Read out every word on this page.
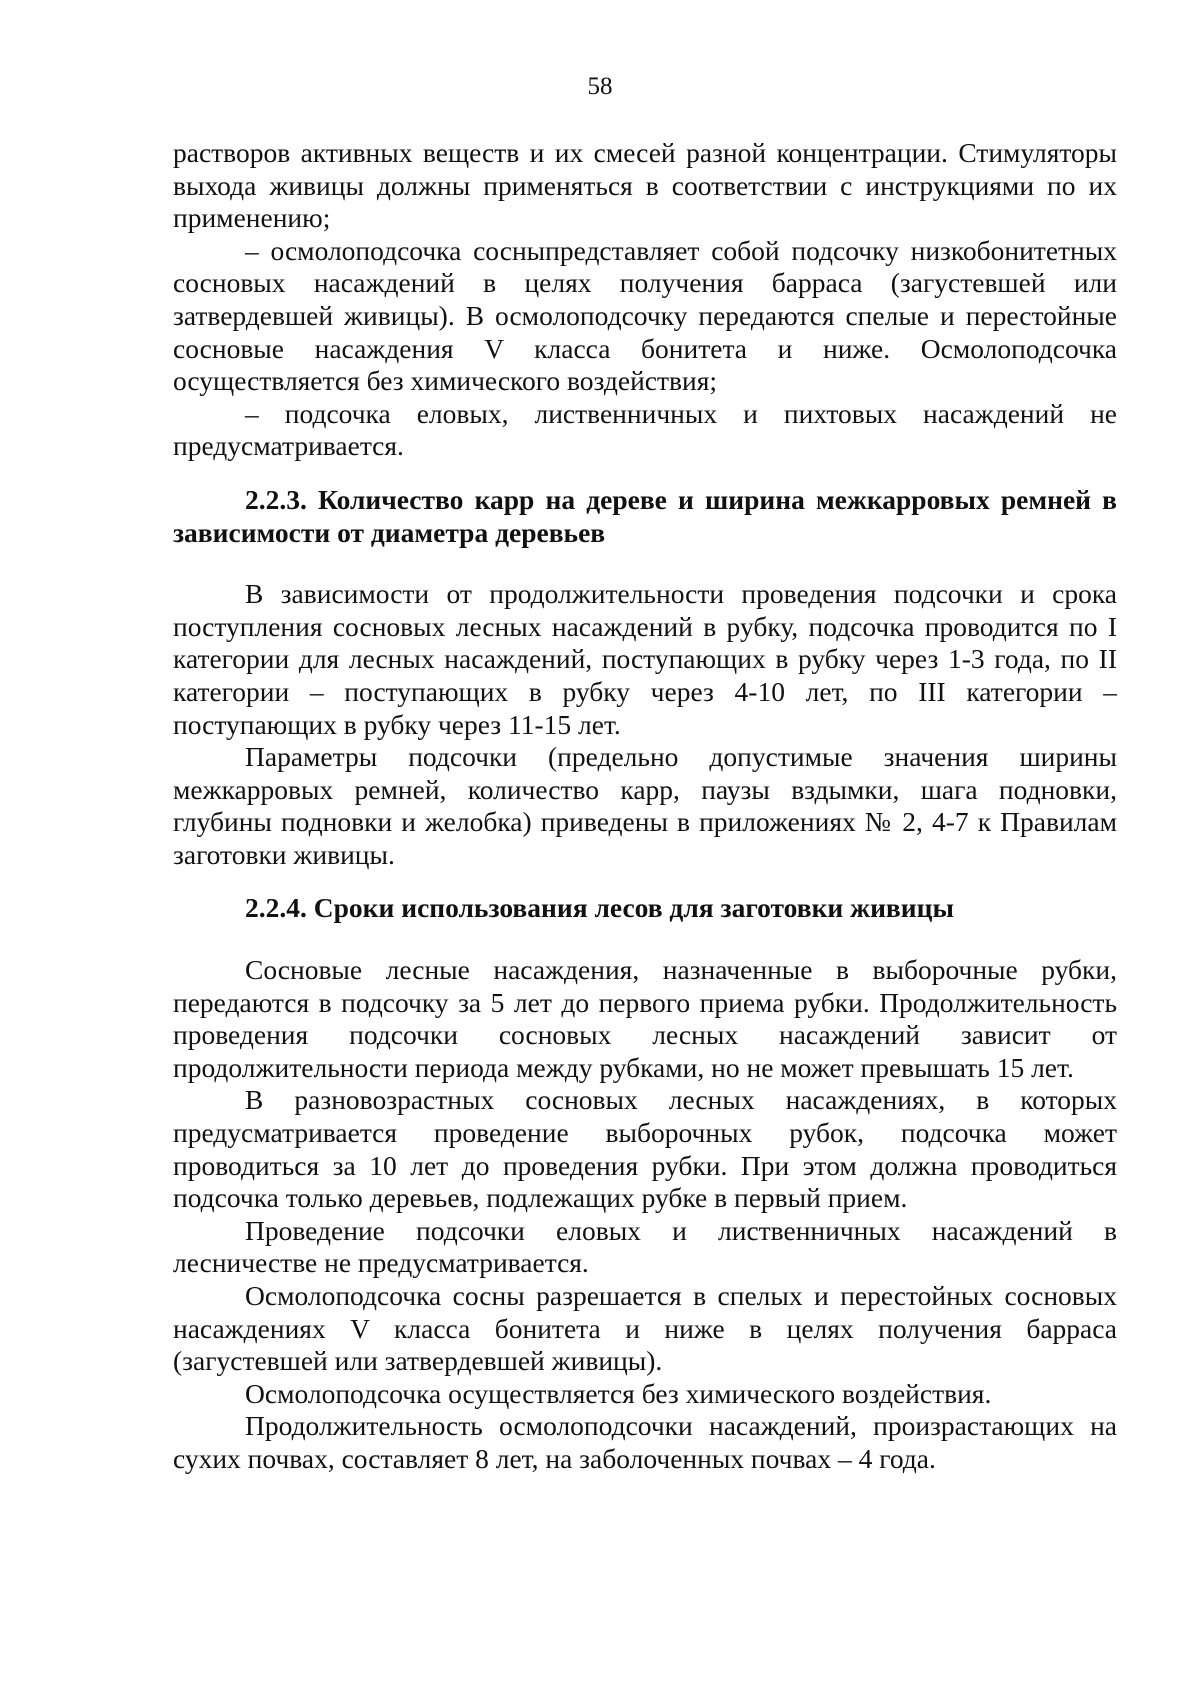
58

растворов активных веществ и их смесей разной концентрации. Стимуляторы выхода живицы должны применяться в соответствии с инструкциями по их применению;

– осмолоподсочка сосныпредставляет собой подсочку низкобонитетных сосновых насаждений в целях получения барраса (загустевшей или затвердевшей живицы). В осмолоподсочку передаются спелые и перестойные сосновые насаждения V класса бонитета и ниже. Осмолоподсочка осуществляется без химического воздействия;

– подсочка еловых, лиственничных и пихтовых насаждений не предусматривается.

2.2.3. Количество карр на дереве и ширина межкарровых ремней в зависимости от диаметра деревьев

В зависимости от продолжительности проведения подсочки и срока поступления сосновых лесных насаждений в рубку, подсочка проводится по I категории для лесных насаждений, поступающих в рубку через 1-3 года, по II категории – поступающих в рубку через 4-10 лет, по III категории – поступающих в рубку через 11-15 лет.

Параметры подсочки (предельно допустимые значения ширины межкарровых ремней, количество карр, паузы вздымки, шага подновки, глубины подновки и желобка) приведены в приложениях № 2, 4-7 к Правилам заготовки живицы.

2.2.4. Сроки использования лесов для заготовки живицы

Сосновые лесные насаждения, назначенные в выборочные рубки, передаются в подсочку за 5 лет до первого приема рубки. Продолжительность проведения подсочки сосновых лесных насаждений зависит от продолжительности периода между рубками, но не может превышать 15 лет.

В разновозрастных сосновых лесных насаждениях, в которых предусматривается проведение выборочных рубок, подсочка может проводиться за 10 лет до проведения рубки. При этом должна проводиться подсочка только деревьев, подлежащих рубке в первый прием.

Проведение подсочки еловых и лиственничных насаждений в лесничестве не предусматривается.

Осмолоподсочка сосны разрешается в спелых и перестойных сосновых насаждениях V класса бонитета и ниже в целях получения барраса (загустевшей или затвердевшей живицы).

Осмолоподсочка осуществляется без химического воздействия.

Продолжительность осмолоподсочки насаждений, произрастающих на сухих почвах, составляет 8 лет, на заболоченных почвах – 4 года.
